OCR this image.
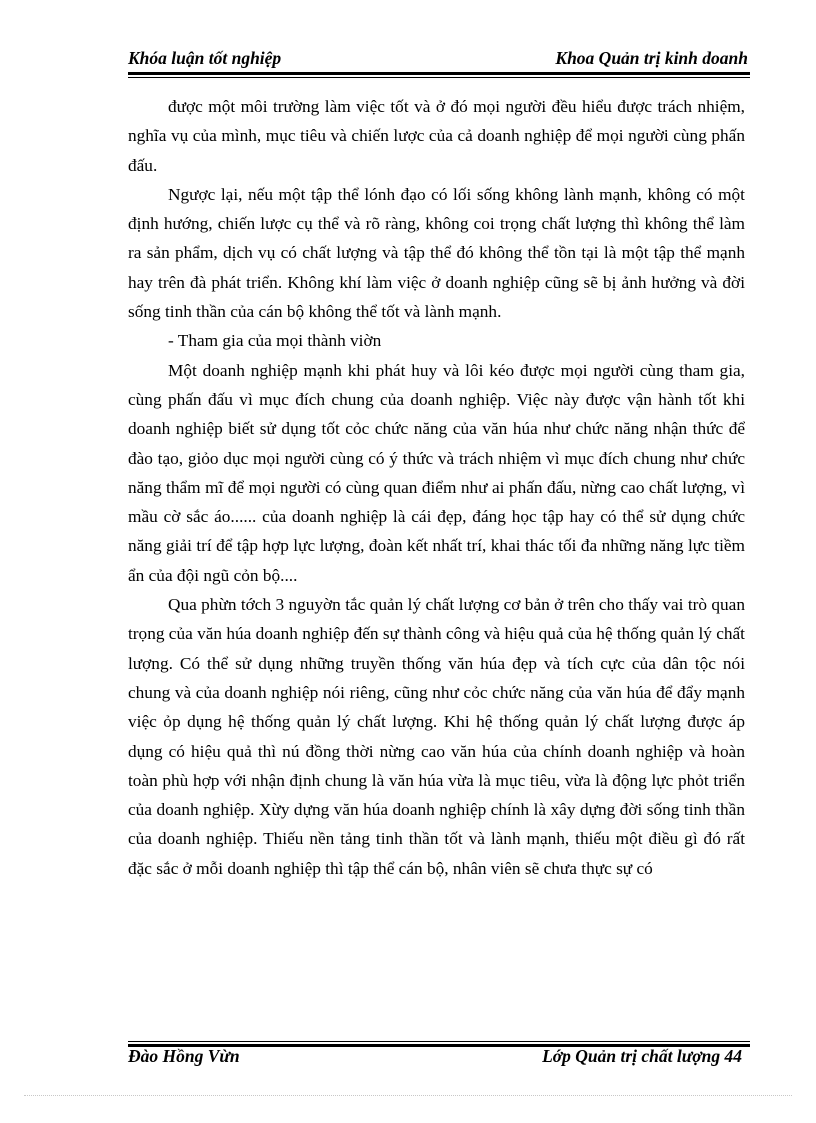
Khóa luận tốt nghiệp	Khoa Quản trị kinh doanh

được một môi trường làm việc tốt và ở đó mọi người đều hiểu được trách nhiệm, nghĩa vụ của mình, mục tiêu và chiến lược của cả doanh nghiệp để mọi người cùng phấn đấu.

Ngược lại, nếu một tập thể lónh đạo có lối sống không lành mạnh, không có một định hướng, chiến lược cụ thể và rõ ràng, không coi trọng chất lượng thì không thể làm ra sản phẩm, dịch vụ có chất lượng và tập thể đó không thể tồn tại là một tập thể mạnh hay trên đà phát triển. Không khí làm việc ở doanh nghiệp cũng sẽ bị ảnh hưởng và đời sống tinh thần của cán bộ không thể tốt và lành mạnh.

- Tham gia của mọi thành viờn

Một doanh nghiệp mạnh khi phát huy và lôi kéo được mọi người cùng tham gia, cùng phấn đấu vì mục đích chung của doanh nghiệp. Việc này được vận hành tốt khi doanh nghiệp biết sử dụng tốt cỏc chức năng của văn húa như chức năng nhận thức để đào tạo, giỏo dục mọi người cùng có ý thức và trách nhiệm vì mục đích chung như chức năng thẩm mĩ để mọi người có cùng quan điểm như ai phấn đấu, nừng cao chất lượng, vì mầu cờ sắc áo...... của doanh nghiệp là cái đẹp, đáng học tập hay có thể sử dụng chức năng giải trí để tập hợp lực lượng, đoàn kết nhất trí, khai thác tối đa những năng lực tiềm ẩn của đội ngũ cỏn bộ....

Qua phừn tớch 3 nguyờn tắc quản lý chất lượng cơ bản ở trên cho thấy vai trò quan trọng của văn húa doanh nghiệp đến sự thành công và hiệu quả của hệ thống quản lý chất lượng. Có thể sử dụng những truyền thống văn húa đẹp và tích cực của dân tộc nói chung và của doanh nghiệp nói riêng, cũng như cỏc chức năng của văn húa để đẩy mạnh việc ỏp dụng hệ thống quản lý chất lượng. Khi hệ thống quản lý chất lượng được áp dụng có hiệu quả thì nú đồng thời nừng cao văn húa của chính doanh nghiệp và hoàn toàn phù hợp với nhận định chung là văn húa vừa là mục tiêu, vừa là động lực phỏt triển của doanh nghiệp. Xừy dựng văn húa doanh nghiệp chính là xây dựng đời sống tinh thần của doanh nghiệp. Thiếu nền tảng tinh thần tốt và lành mạnh, thiếu một điều gì đó rất đặc sắc ở mỗi doanh nghiệp thì tập thể cán bộ, nhân viên sẽ chưa thực sự có

Đào Hồng Vừn	Lớp Quản trị chất lượng 44
